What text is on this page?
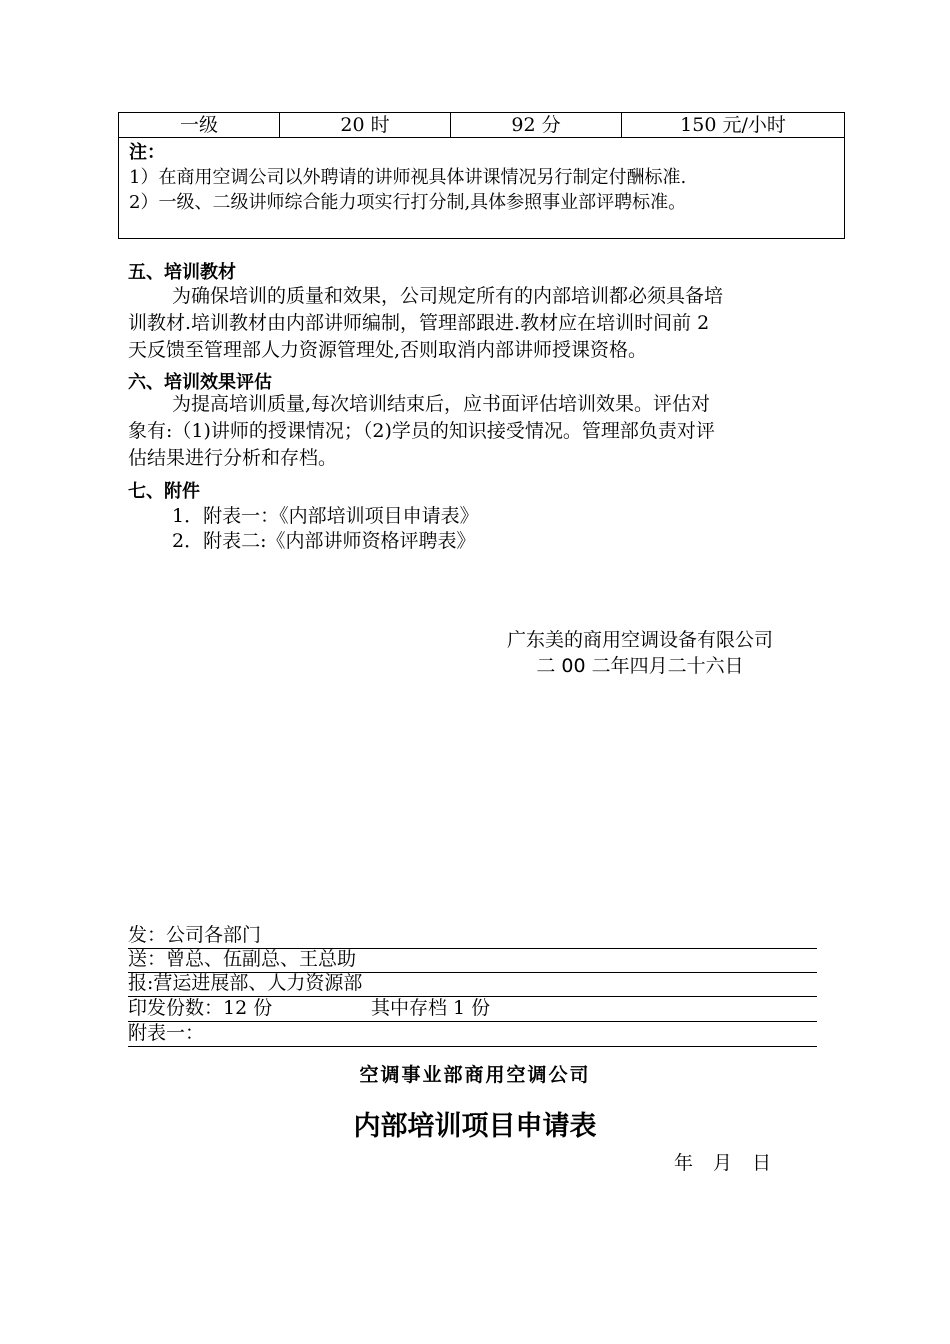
一级	20 时	92 分	150 元/小时

注：
1）在商用空调公司以外聘请的讲师视具体讲课情况另行制定付酬标准.
2）一级、二级讲师综合能力项实行打分制,具体参照事业部评聘标准。
五、培训教材
为确保培训的质量和效果，公司规定所有的内部培训都必须具备培
训教材.培训教材由内部讲师编制，管理部跟进.教材应在培训时间前 2
天反馈至管理部人力资源管理处,否则取消内部讲师授课资格。
六、培训效果评估
为提高培训质量,每次培训结束后，应书面评估培训效果。评估对
象有:（1)讲师的授课情况；（2)学员的知识接受情况。管理部负责对评
估结果进行分析和存档。
七、附件
1．附表一：《内部培训项目申请表》
2．附表二:《内部讲师资格评聘表》
广东美的商用空调设备有限公司
二 00 二年四月二十六日
发：公司各部门
送：曾总、伍副总、王总助
报:营运进展部、人力资源部
印发份数：12 份	其中存档 1 份
附表一：
空调事业部商用空调公司
内部培训项目申请表
年 月 日
